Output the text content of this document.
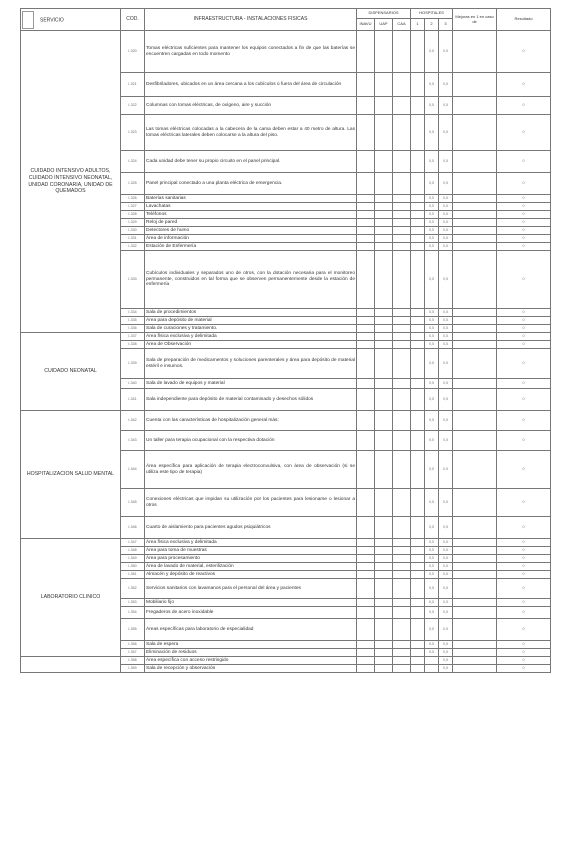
SERVICIO	COD.	INFRAESTRUCTURA - INSTALACIONES FISICAS	DISPENSARIOS			HOSPITALES			Mejoras en 1 en caso de	Resultado
			INAVU	UAP	CAA	1	2	3		
CUIDADO INTENSIVO ADULTOS, CUIDADO INTENSIVO NEONATAL, UNIDAD CORONARIA, UNIDAD DE QUEMADOS	I-320	Tomas eléctricas suficientes para mantener los equipos conectados a fin de que las baterías se encuentren cargadas en todo momento					0,5	0,5		0
	I-321	Desfibriladores, ubicados en un área cercana a los cubículos o fuera del área de circulación					0,5	0,5		0
	I-322	Columnas con tomas eléctricas, de oxígeno, aire y succión					0,5	0,5		0
	I-323	Las tomas eléctricas colocadas a la cabecera de la cama deben estar a 40 metro de altura. Las tomas eléctricas laterales deben colocarse a la altura del piso.					0,5	0,5		0
	I-324	Cada unidad debe tener su propio circuito en el panel principal.					0,5	0,5		0
	I-325	Panel principal conectado a una planta eléctrica de emergencia.					0,5	0,5		0
	I-326	Baterías sanitarias					0,5	0,5		0
	I-327	Lavachatas					0,5	0,5		0
	I-328	Teléfonos					0,5	0,5		0
	I-329	Reloj de pared					0,5	0,5		0
	I-330	Detectores de humo					0,5	0,5		0
	I-331	Área de información					0,5	0,5		0
	I-332	Estación de Enfermería					0,5	0,5		0
	I-333	Cubículos individuales y separados uno de otros, con la dotación necesaria para el monitoreo permanente, construidos en tal forma que se observen permanentemente desde la estación de enfermería					0,5	0,5		0
	I-334	Sala de procedimientos					0,5	0,5		0
	I-335	Área para depósito de material					0,5	0,5		0
	I-336	Sala de curaciones y tratamiento.					0,5	0,5		0
CUIDADO NEONATAL	I-337	Área física exclusiva y delimitada					0,5	0,5		0
	I-338	Área de Observación					0,5	0,5		0
	I-339	Sala de preparación de medicamentos y soluciones parenterales y área para depósito de material estéril e insumos.					0,5	0,5		0
	I-340	Sala de lavado de equipos y material					0,5	0,5		0
	I-341	Sala independiente para depósito de material contaminado y desechos sólidos					0,5	0,5		0
HOSPITALIZACION SALUD MENTAL	I-342	Cuenta con las características de hospitalización general más:					0,5	0,5		0
	I-343	Un taller para terapia ocupacional con la respectiva dotación					0,5	0,5		0
	I-344	Área específica para aplicación de terapia electroconvulsiva, con área de observación (si se utiliza este tipo de terapia)					0,5	0,5		0
	I-345	Conexiones eléctricas que impidan su utilización por los pacientes para lesionarse o lesionar a otros					0,5	0,5		0
	I-346	Cuarto de aislamiento para pacientes agudos psiquiátricos					0,5	0,5		0
LABORATORIO CLINICO	I-347	Área física exclusiva y delimitada					0,5	0,5		0
	I-348	Área para toma de muestras					0,5	0,5		0
	I-349	Área para procesamiento					0,5	0,5		0
	I-350	Área de lavado de material, esterilización					0,5	0,5		0
	I-351	Almacén y depósito de reactivos					0,5	0,5		0
	I-352	Servicios sanitarios con lavamanos para el personal del área y pacientes					0,5	0,5		0
	I-353	Mobiliario fijo					0,5	0,5		0
	I-354	Fregaderos de acero inoxidable					0,5	0,5		0
	I-355	Áreas específicas para laboratorio de especialidad					0,5	0,5		0
	I-356	Sala de espera					0,5	0,5		0
	I-357	Eliminación de residuos					0,5	0,5		0
	I-358	Área específica con acceso restringido						0,5		0
	I-359	Sala de recepción y observación						0,5		0
